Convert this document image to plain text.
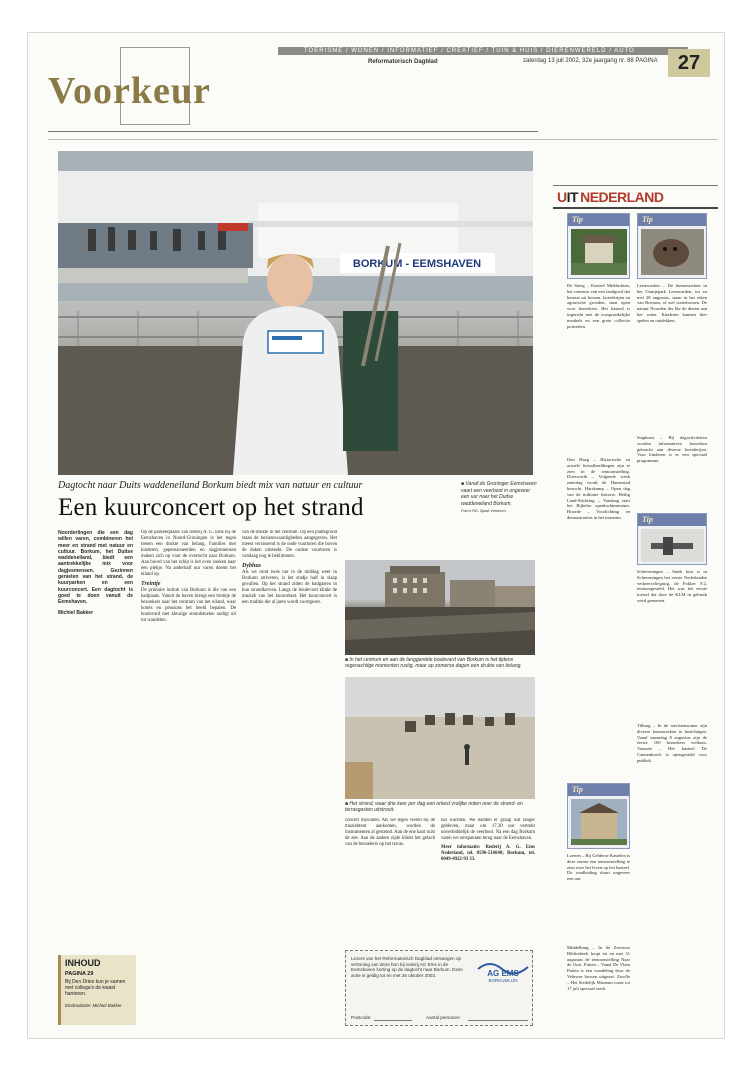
TOERISME / WONEN / INFORMATIEF / CREATIEF / TUIN & HUIS / DIERENWERELD / AUTO
Voorkeur
Reformatorisch Dagblad	zaterdag 13 juli 2002, 32e jaargang nr. 88 PAGINA	27
BORKUM - EEMSHAVEN
■ Vanaf de Groninger Eemshaven vaart een veerboot in ongeveer een uur naar het Duitse waddeneiland Borkum.
Foto's RD, Sjaak Verboom
Dagtocht naar Duits waddeneiland Borkum biedt mix van natuur en cultuur
Een kuurconcert op het strand

Noorderlingen die een dag willen varen, combineren het meer en strand met natuur en cultuur. Borkum, het Duitse waddeneiland, biedt een aantrekkelijke mix voor dagjesmensen. Gezinnen genieten van het strand, de kuurparken en een kuurconcert. Een dagtocht is goed te doen vanuit de Eemshaven.

Michiel Bakker

Op de parkeerplaats van rederij A. G. Ems bij de Eemshaven in Noord-Groningen is het tegen tienen een drukte van belang. Families met kinderen, gepensioneerden en dagjesmensen maken zich op voor de overtocht naar Borkum. Aan boord van het schip is het even zoeken naar een plekje. Na anderhalf uur varen doemt het eiland op.

Treintje

De primaire indruk van Borkum is die van een badplaats. Vanuit de haven brengt een treintje de bezoekers naar het centrum van het eiland, waar hotels en pensions het beeld bepalen. De boulevard met kleurige strandstoelen nodigt uit tot wandelen.

van de drukte in het centrum. Op een plattegrond staan de bezienswaardigheden aangegeven. Het meest verrassend is de oude vuurtoren die boven de daken uitsteekt. De oudste vuurtoren is vandaag nog te beklimmen.

Dybhus

Als we rond twee uur in de middag weer in Borkum arriveren, is het stadje half in slaap gevallen. Op het strand zitten de badgasten in hun strandkorven. Langs de boulevard klinkt de muziek van het kuurorkest. Het kuurconcert is een traditie die al jaren wordt voortgezet.

■ In het centrum en aan de langgerekte boulevard van Borkum is het tijdens regenachtige momenten rustig, maar op zomerse dagen een drukte van belang.
■ Het strand, waar drie keer per dag een orkest vrolijke noten over de strand- en terrasgasten uitstrooit.

concert bijwonen. Als we tegen vieren bij de muziektent aankomen, worden de instrumenten al gestemd. Aan de ene kant ruist de zee. Aan de andere zijde klinkt het gelach van de bezoekers op het terras.

hal wachten. We hadden er graag wat langer gebleven, maar om 17.30 uur vertrekt onverbiddelijk de veerboot. Na een dag Borkum varen we ontspannen terug naar de Eemshaven.

Meer informatie: Rederij A. G. Ems Nederland, tel. 0596-516048; Borkum, tel. 0049-4922-93 33.

INHOUD
PAGINA 29
Bij Den Dries kun je samen met collega's de kwast hanteren.
Eindredactie: Michiel Bakker
Lezers van het Reformatorisch Dagblad ontvangen op vertoning van deze bon bij rederij AG Ems in de Eemshaven korting op de dagtocht naar Borkum. Deze actie is geldig tot en met 26 oktober 2002.	AG EMS
BORKUMLIJN
Postcode:	Aantal personen:
UIT NEDERLAND
Tip	Tip
De Steeg – Kasteel Middachten, het centrum van een landgoed dat bestaat uit bossen, boerderijen en agrarische gronden, staat open voor bezoekers. Het kasteel is ingericht met de oorspronkelijke meubels en een grote collectie portretten.
Leeuwarden – De themawerken in het Oranjepark Leeuwarden, tot en met 28 augustus, staan in het teken van Boerum, of wel waterbossen. De natuur Noorden der Ike de dieren aan het water. Kinderen kunnen hier spelen en ontdekken.
Den Haag – Historische en actuele fietsafbeeldingen zijn te zien in de tentoonstelling. Doesworth – Volgende week zaterdag wordt de Hanzestad bezocht. Harskamp – Open dag van de militaire historie. Heilig Land-Stichting – Vandaag start het Bijbelse openluchtmuseum. Hoorde – Voorlichting en demonstraties in het museum.
Stapborst – Bij dagactiviteiten worden informatieve bezoeken gebracht aan diverse boerderijen. Voor kinderen is er een speciaal programma.
Tip
Scheveningen – Sinds kort is in Scheveningen het eerste Nederlandse verkeersvliegtuig, de Fokker F.2, tentoongesteld. Het was het eerste toestel dat door de KLM in gebruik werd genomen.
Tilburg – In de toeristenzomer zijn diverse kunstwerken te bezichtigen. Vanaf maandag 8 augustus zijn de eerste 100 bezoekers welkom. Vaassen – Het kasteel De Cannenburch is opengesteld voor publiek.
Tip
Loenen – Bij Gelderse Kastelen is deze zomer een tentoonstelling te zien over het leven op het kasteel. De rondleiding duurt ongeveer een uur.
Middelburg – In de Zeeuwse Bibliotheek loopt tot en met 31 augustus de tentoonstelling Naar de Oost. Putten – Vanaf De Vlam Putten is een wandeling door de Veluwse bossen uitgezet. Zwolle – Het Stedelijk Museum toont tot 17 juli speciaal werk.
